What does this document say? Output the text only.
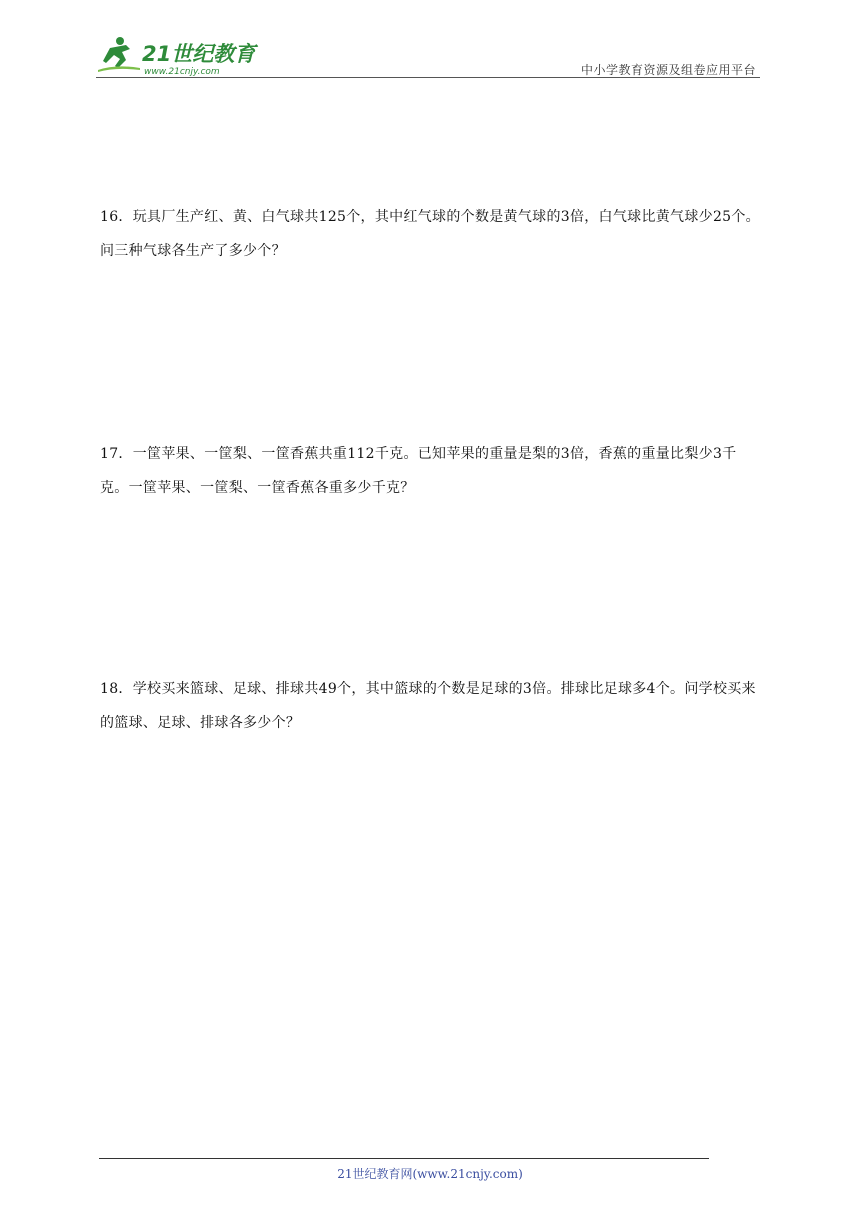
21世纪教育
www.21cnjy.com	中小学教育资源及组卷应用平台
16．玩具厂生产红、黄、白气球共125个，其中红气球的个数是黄气球的3倍，白气球比黄气球少25个。问三种气球各生产了多少个？
17．一筐苹果、一筐梨、一筐香蕉共重112千克。已知苹果的重量是梨的3倍，香蕉的重量比梨少3千克。一筐苹果、一筐梨、一筐香蕉各重多少千克？
18．学校买来篮球、足球、排球共49个，其中篮球的个数是足球的3倍。排球比足球多4个。问学校买来的篮球、足球、排球各多少个？
21世纪教育网(www.21cnjy.com)
